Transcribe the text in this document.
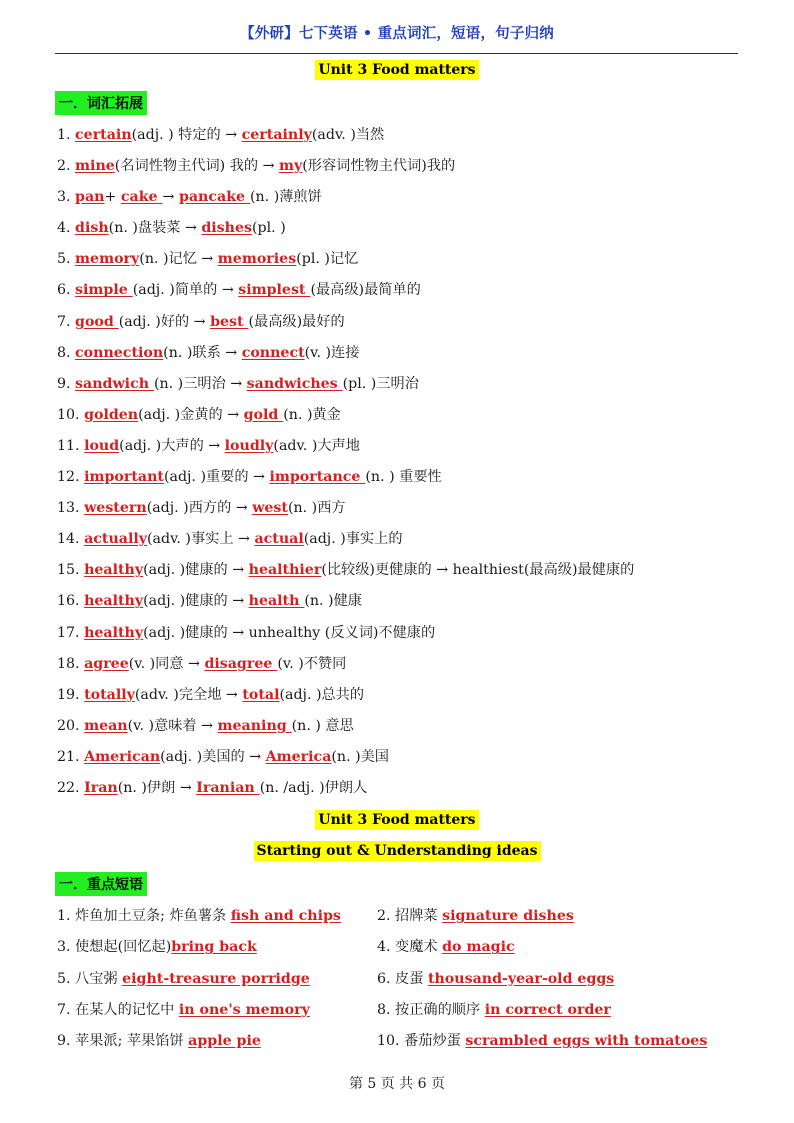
【外研】七下英语 • 重点词汇，短语，句子归纳
Unit 3 Food matters
一．词汇拓展
1. certain(adj. ) 特定的 → certainly(adv. )当然
2. mine(名词性物主代词) 我的 → my(形容词性物主代词)我的
3. pan+ cake → pancake (n. )薄煎饼
4. dish(n. )盘装菜 → dishes(pl. )
5. memory(n. )记忆 → memories(pl. )记忆
6. simple (adj. )简单的 → simplest (最高级)最简单的
7. good (adj. )好的 → best (最高级)最好的
8. connection(n. )联系 → connect(v. )连接
9. sandwich (n. )三明治 → sandwiches (pl. )三明治
10. golden(adj. )金黄的 → gold (n. )黄金
11. loud(adj. )大声的 → loudly(adv. )大声地
12. important(adj. )重要的 → importance (n. ) 重要性
13. western(adj. )西方的 → west(n. )西方
14. actually(adv. )事实上 → actual(adj. )事实上的
15. healthy(adj. )健康的 → healthier(比较级)更健康的 → healthiest(最高级)最健康的
16. healthy(adj. )健康的 → health (n. )健康
17. healthy(adj. )健康的 → unhealthy (反义词)不健康的
18. agree(v. )同意 → disagree (v. )不赞同
19. totally(adv. )完全地 → total(adj. )总共的
20. mean(v. )意味着 → meaning (n. ) 意思
21. American(adj. )美国的 → America(n. )美国
22. Iran(n. )伊朗 → Iranian (n. /adj. )伊朗人
Unit 3 Food matters
Starting out & Understanding ideas
一．重点短语
1. 炸鱼加土豆条; 炸鱼薯条 fish and chips	2. 招牌菜 signature dishes
3. 使想起(回忆起)bring back	4. 变魔术 do magic
5. 八宝粥 eight-treasure porridge	6. 皮蛋 thousand-year-old eggs
7. 在某人的记忆中 in one's memory	8. 按正确的顺序 in correct order
9. 苹果派; 苹果馅饼 apple pie	10. 番茄炒蛋 scrambled eggs with tomatoes
第 5 页 共 6 页
